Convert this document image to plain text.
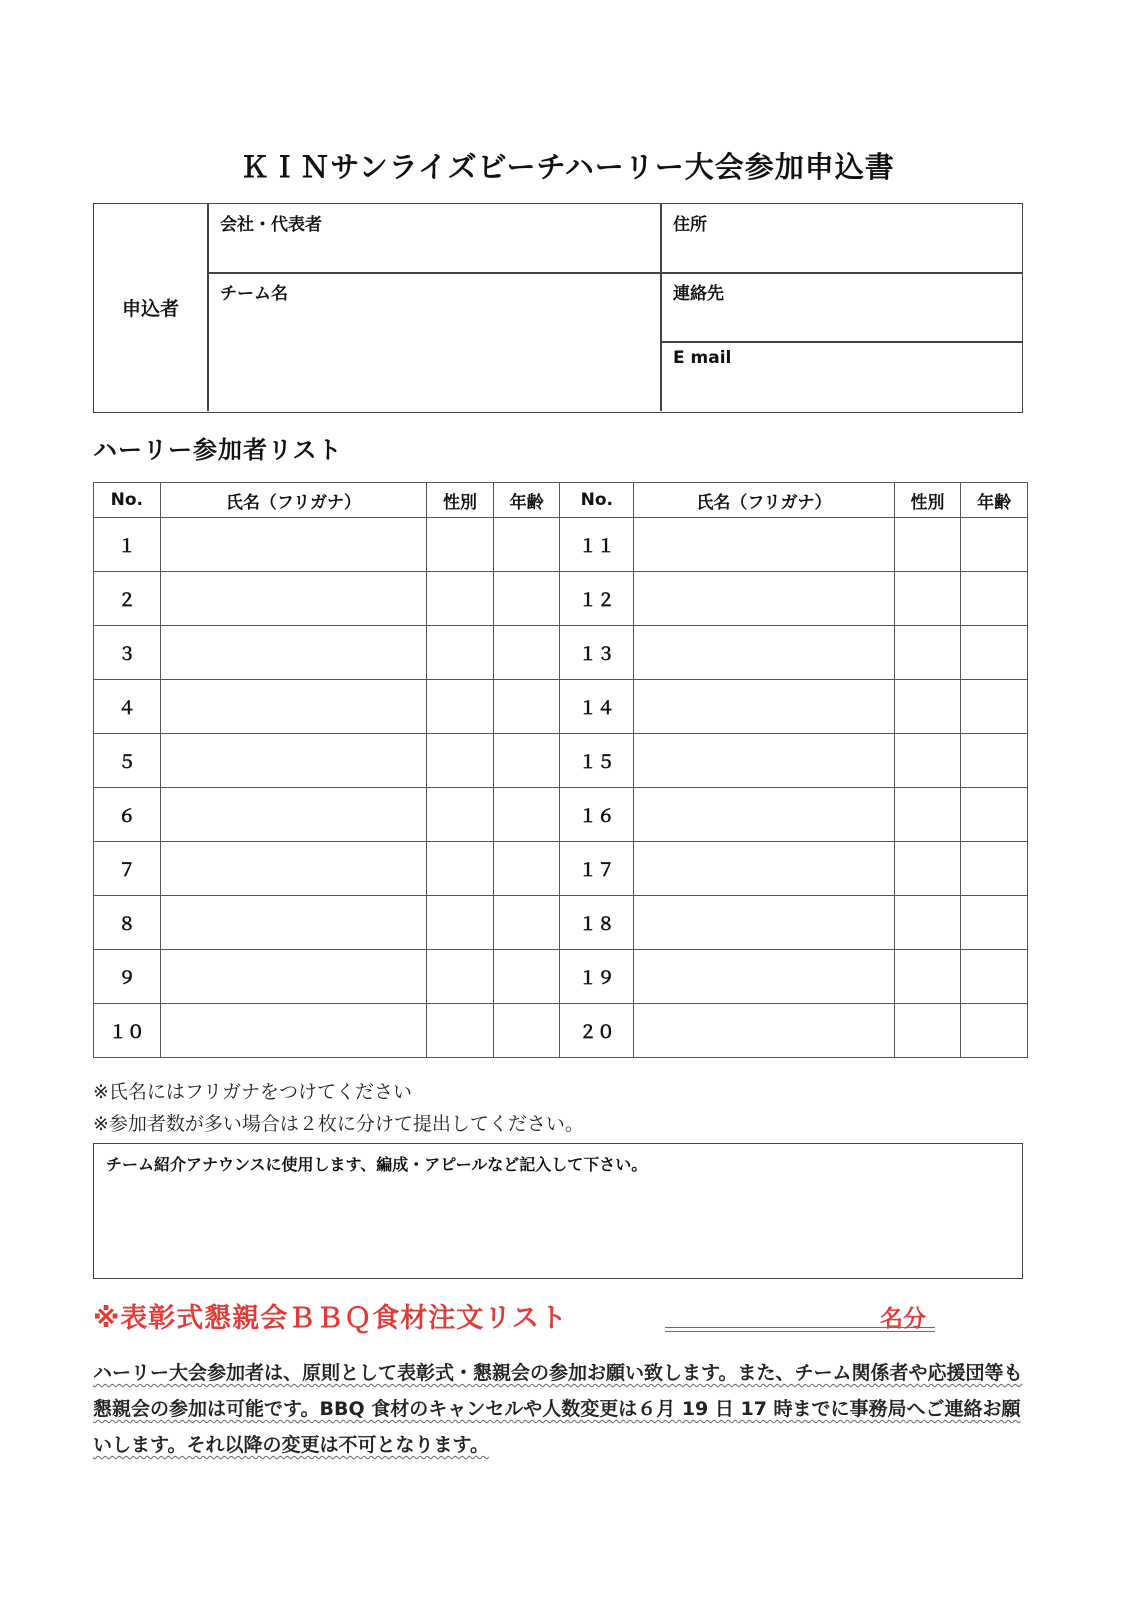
ＫＩＮサンライズビーチハーリー大会参加申込書
申込者
会社・代表者	住所
チーム名	連絡先
E mail
ハーリー参加者リスト
No.	氏名（フリガナ）	性別	年齢	No.	氏名（フリガナ）	性別	年齢
１				１１			
２				１２			
３				１３			
４				１４			
５				１５			
６				１６			
７				１７			
８				１８			
９				１９			
１０				２０			
※氏名にはフリガナをつけてください
※参加者数が多い場合は２枚に分けて提出してください。
チーム紹介アナウンスに使用します、編成・アピールなど記入して下さい。
※表彰式懇親会ＢＢＱ食材注文リスト	名分
ハーリー大会参加者は、原則として表彰式・懇親会の参加お願い致します。また、チーム関係者や応援団等も懇親会の参加は可能です。BBQ 食材のキャンセルや人数変更は６月 19 日 17 時までに事務局へご連絡お願いします。それ以降の変更は不可となります。
